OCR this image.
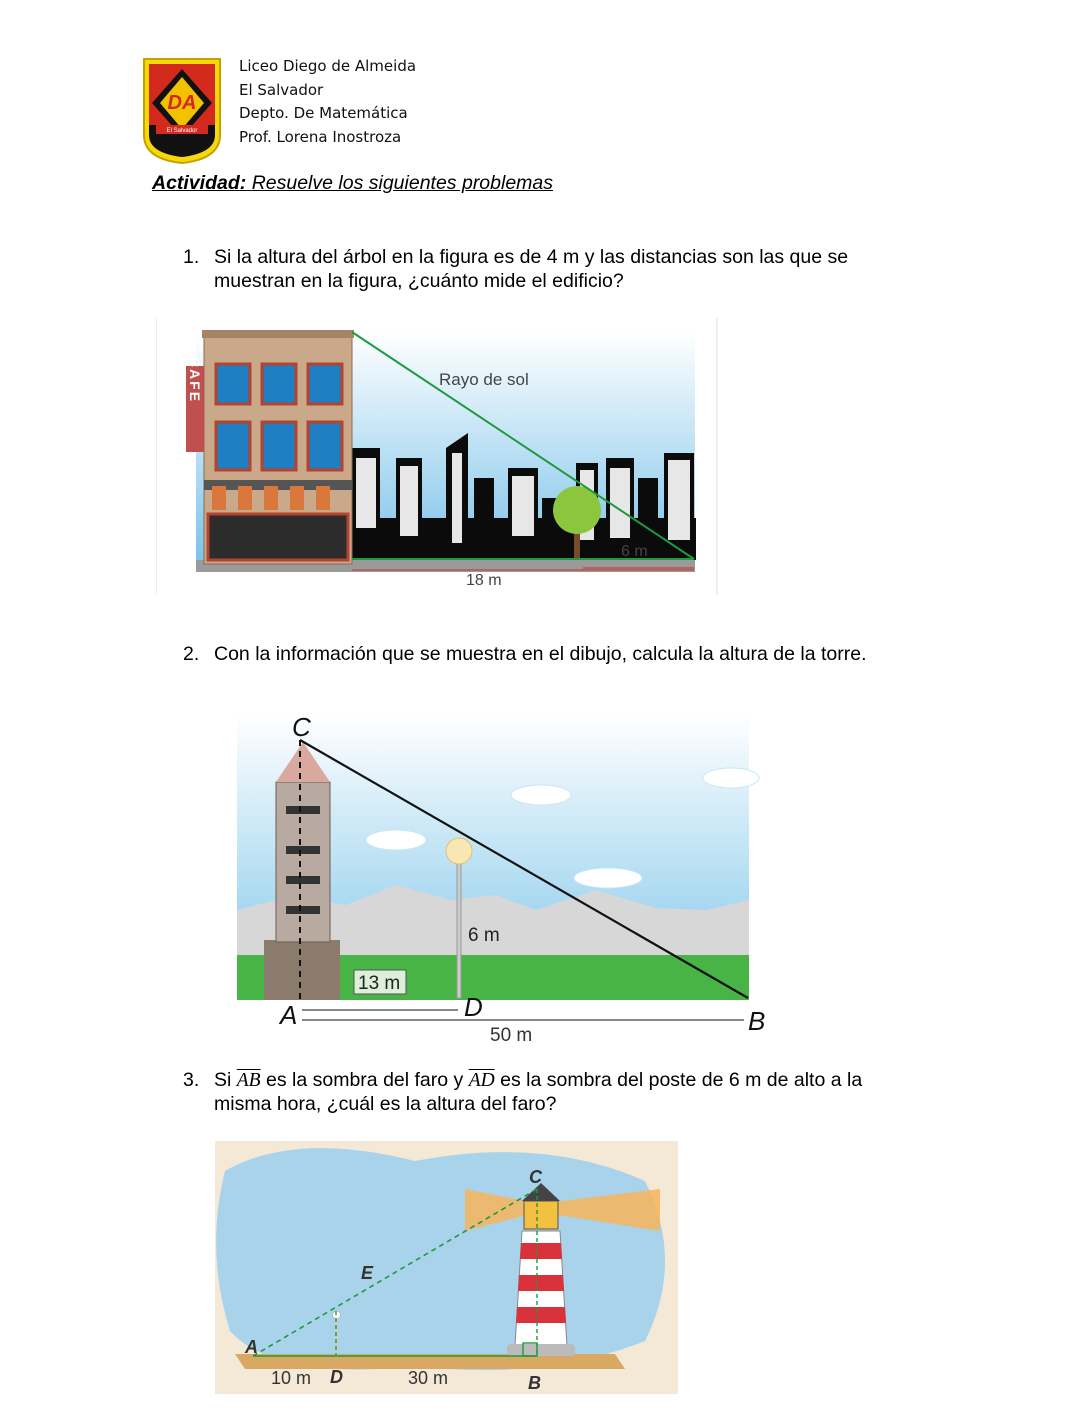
El Salvador
DA
Liceo Diego de Almeida
El Salvador
Depto. De Matemática
Prof. Lorena Inostroza
Actividad: Resuelve los siguientes problemas
1. Si la altura del árbol en la figura es de 4 m y las distancias son las que se muestran en la figura, ¿cuánto mide el edificio?
CAFE	Rayo de sol
6 m
18 m
2. Con la información que se muestra en el dibujo, calcula la altura de la torre.
13 m
6 m
50 m
C
A	D	B
3. Si $\overline{AB}$ es la sombra del faro y $\overline{AD}$ es la sombra del poste de 6 m de alto a la
misma hora, ¿cuál es la altura del faro?
10 m	30 m
C
E
A
D	B
